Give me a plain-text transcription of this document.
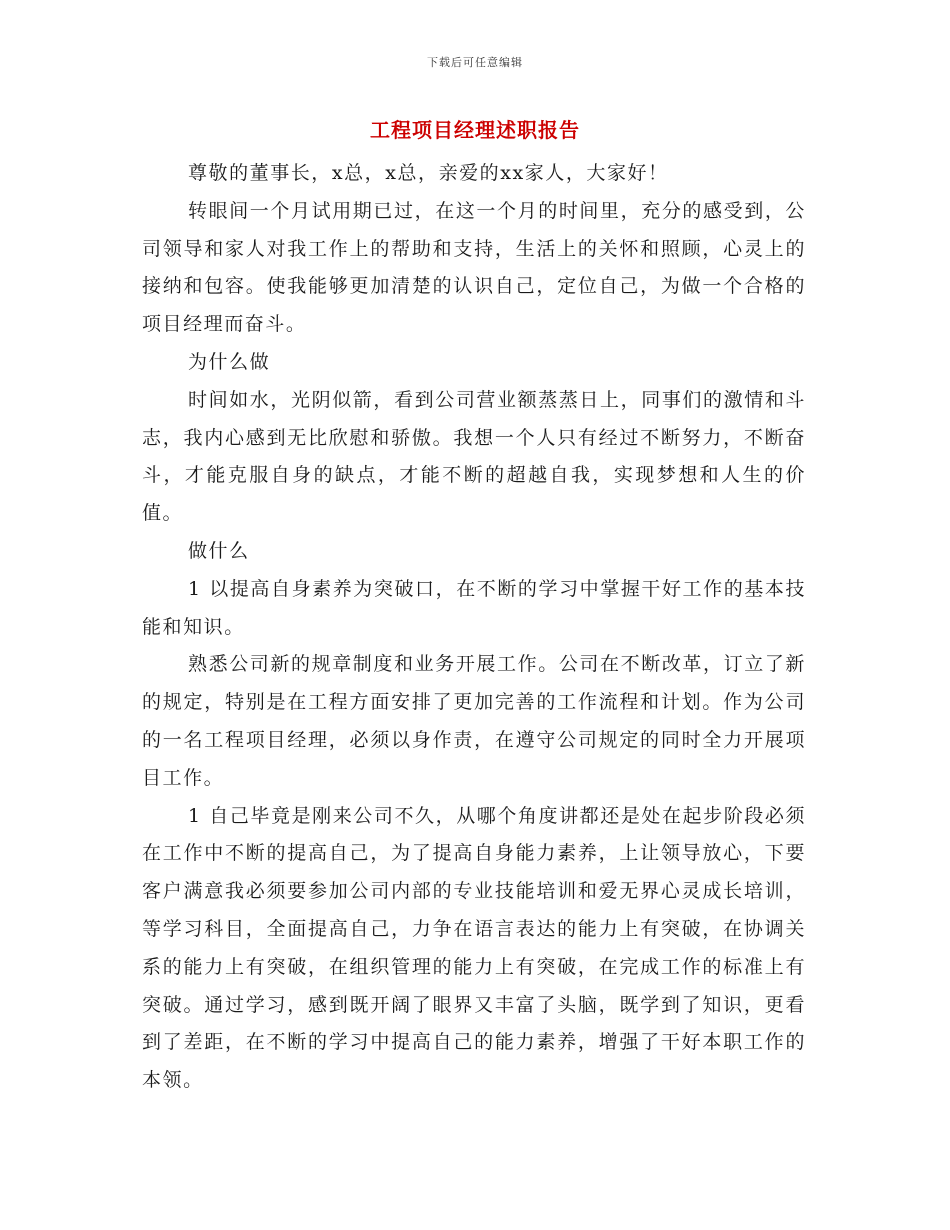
下载后可任意编辑
工程项目经理述职报告

尊敬的董事长，x总，x总，亲爱的xx家人，大家好！

转眼间一个月试用期已过，在这一个月的时间里，充分的感受到，公司领导和家人对我工作上的帮助和支持，生活上的关怀和照顾，心灵上的接纳和包容。使我能够更加清楚的认识自己，定位自己，为做一个合格的项目经理而奋斗。

为什么做

时间如水，光阴似箭，看到公司营业额蒸蒸日上，同事们的激情和斗志，我内心感到无比欣慰和骄傲。我想一个人只有经过不断努力，不断奋斗，才能克服自身的缺点，才能不断的超越自我，实现梦想和人生的价值。

做什么

1 以提高自身素养为突破口，在不断的学习中掌握干好工作的基本技能和知识。

熟悉公司新的规章制度和业务开展工作。公司在不断改革，订立了新的规定，特别是在工程方面安排了更加完善的工作流程和计划。作为公司的一名工程项目经理，必须以身作责，在遵守公司规定的同时全力开展项目工作。

1 自己毕竟是刚来公司不久，从哪个角度讲都还是处在起步阶段必须在工作中不断的提高自己，为了提高自身能力素养，上让领导放心，下要客户满意我必须要参加公司内部的专业技能培训和爱无界心灵成长培训，等学习科目，全面提高自己，力争在语言表达的能力上有突破，在协调关系的能力上有突破，在组织管理的能力上有突破，在完成工作的标准上有突破。通过学习，感到既开阔了眼界又丰富了头脑，既学到了知识，更看到了差距，在不断的学习中提高自己的能力素养，增强了干好本职工作的本领。
